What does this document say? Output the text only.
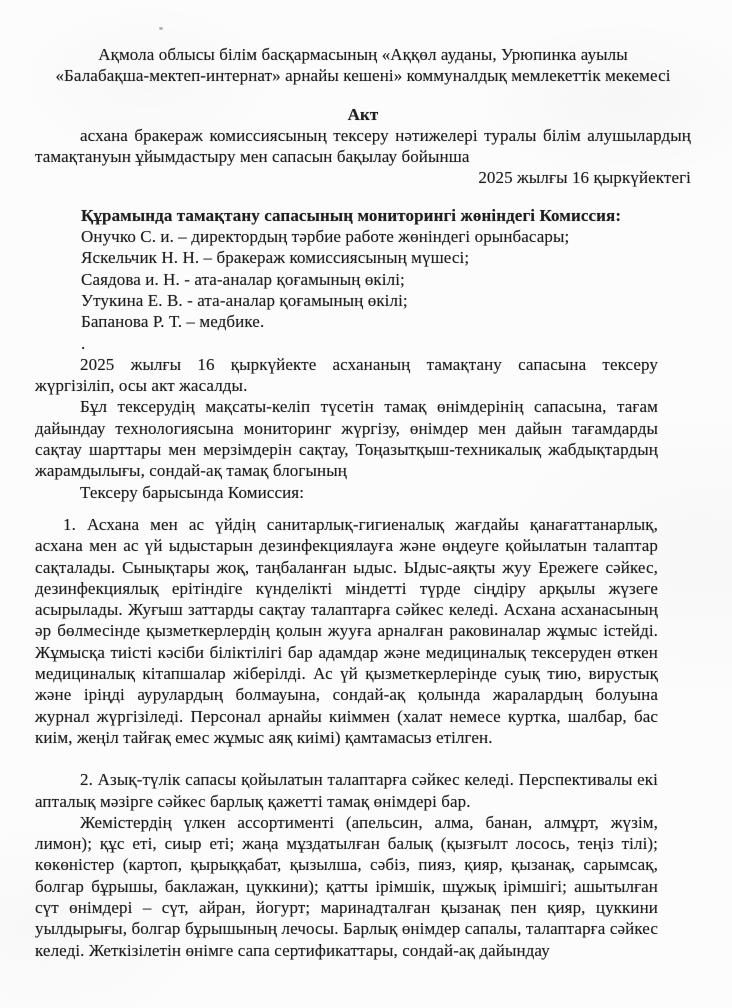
Ақмола облысы білім басқармасының «Аққөл ауданы, Урюпинка ауылы
«Балабақша-мектеп-интернат» арнайы кешені» коммуналдық мемлекеттік мекемесі
Акт

асхана бракераж комиссиясының тексеру нәтижелері туралы білім алушылардың тамақтануын ұйымдастыру мен сапасын бақылау бойынша

2025 жылғы 16 қыркүйектегі
Құрамында тамақтану сапасының мониторингі жөніндегі Комиссия:
Онучко С. и. – директордың тәрбие работе жөніндегі орынбасары;
Яскельчик Н. Н. – бракераж комиссиясының мүшесі;
Саядова и. Н. - ата-аналар қоғамының өкілі;
Утукина Е. В. - ата-аналар қоғамының өкілі;
Бапанова Р. Т. – медбике.
.

2025 жылғы 16 қыркүйекте асхананың тамақтану сапасына тексеру жүргізіліп, осы акт жасалды.

Бұл тексерудің мақсаты-келіп түсетін тамақ өнімдерінің сапасына, тағам дайындау технологиясына мониторинг жүргізу, өнімдер мен дайын тағамдарды сақтау шарттары мен мерзімдерін сақтау, Тоңазытқыш-техникалық жабдықтардың жарамдылығы, сондай-ақ тамақ блогының

Тексеру барысында Комиссия:

1. Асхана мен ас үйдің санитарлық-гигиеналық жағдайы қанағаттанарлық, асхана мен ас үй ыдыстарын дезинфекциялауға және өңдеуге қойылатын талаптар сақталады. Сынықтары жоқ, таңбаланған ыдыс. Ыдыс-аяқты жуу Ережеге сәйкес, дезинфекциялық ерітіндіге күнделікті міндетті түрде сіңдіру арқылы жүзеге асырылады. Жуғыш заттарды сақтау талаптарға сәйкес келеді. Асхана асханасының әр бөлмесінде қызметкерлердің қолын жууға арналған раковиналар жұмыс істейді. Жұмысқа тиісті кәсіби біліктілігі бар адамдар және медициналық тексеруден өткен медициналық кітапшалар жіберілді. Ас үй қызметкерлерінде суық тию, вирустық және іріңді аурулардың болмауына, сондай-ақ қолында жаралардың болуына журнал жүргізіледі. Персонал арнайы киіммен (халат немесе куртка, шалбар, бас киім, жеңіл тайғақ емес жұмыс аяқ киімі) қамтамасыз етілген.

2. Азық-түлік сапасы қойылатын талаптарға сәйкес келеді. Перспективалы екі апталық мәзірге сәйкес барлық қажетті тамақ өнімдері бар.

Жемістердің үлкен ассортименті (апельсин, алма, банан, алмұрт, жүзім, лимон); құс еті, сиыр еті; жаңа мұздатылған балық (қызғылт лосось, теңіз тілі); көкөністер (картоп, қырыққабат, қызылша, сәбіз, пияз, қияр, қызанақ, сарымсақ, болгар бұрышы, баклажан, цуккини); қатты ірімшік, шұжық ірімшігі; ашытылған сүт өнімдері – сүт, айран, йогурт; маринадталған қызанақ пен қияр, цуккини уылдырығы, болгар бұрышының лечосы. Барлық өнімдер сапалы, талаптарға сәйкес келеді. Жеткізілетін өнімге сапа сертификаттары, сондай-ақ дайындау
